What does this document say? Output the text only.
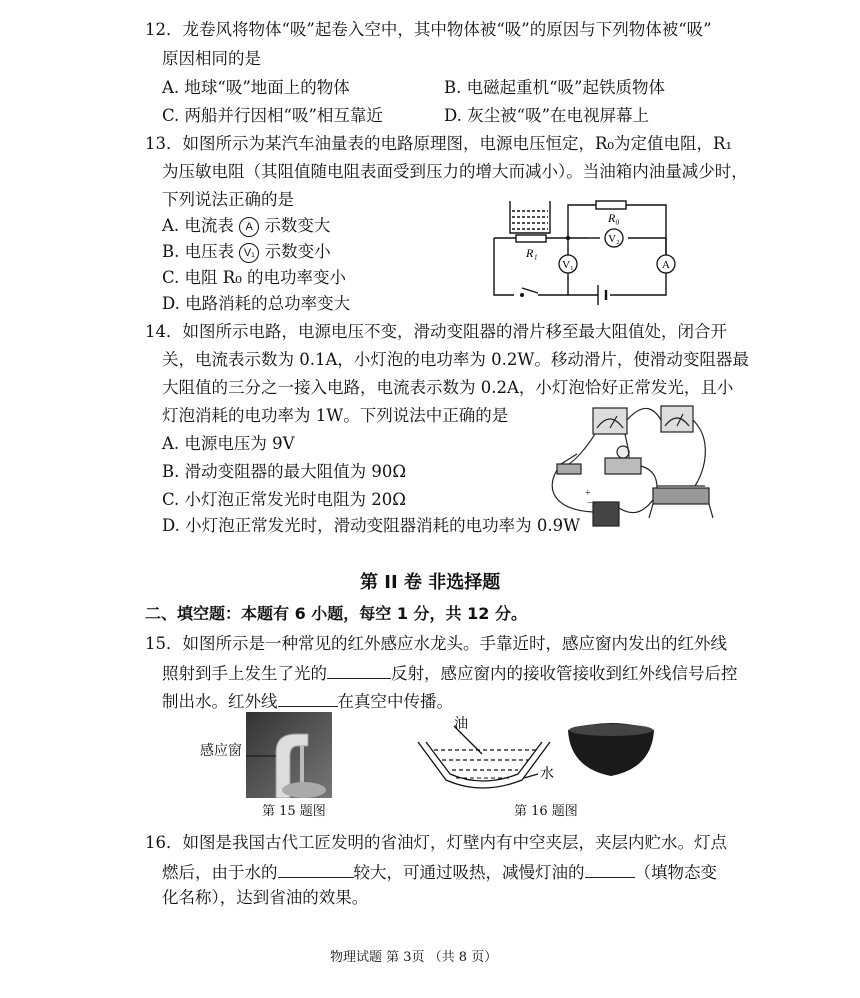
12．龙卷风将物体“吸”起卷入空中，其中物体被“吸”的原因与下列物体被“吸”
原因相同的是
A. 地球“吸”地面上的物体	B. 电磁起重机“吸”起铁质物体
C. 两船并行因相“吸”相互靠近	D. 灰尘被“吸”在电视屏幕上
13．如图所示为某汽车油量表的电路原理图，电源电压恒定，R₀为定值电阻，R₁
为压敏电阻（其阻值随电阻表面受到压力的增大而减小）。当油箱内油量减少时，
下列说法正确的是
A. 电流表 A 示数变大
B. 电压表 V₁ 示数变小
C. 电阻 R₀ 的电功率变小
D. 电路消耗的总功率变大
V₂
V₁	A
R₀
R₁
14．如图所示电路，电源电压不变，滑动变阻器的滑片移至最大阻值处，闭合开
关，电流表示数为 0.1A，小灯泡的电功率为 0.2W。移动滑片，使滑动变阻器最
大阻值的三分之一接入电路，电流表示数为 0.2A，小灯泡恰好正常发光，且小
灯泡消耗的电功率为 1W。下列说法中正确的是
A. 电源电压为 9V
B. 滑动变阻器的最大阻值为 90Ω
C. 小灯泡正常发光时电阻为 20Ω
D. 小灯泡正常发光时，滑动变阻器消耗的电功率为 0.9W
−
+
第 II 卷 非选择题
二、填空题：本题有 6 小题，每空 1 分，共 12 分。
15．如图所示是一种常见的红外感应水龙头。手靠近时，感应窗内发出的红外线
照射到手上发生了光的	反射，感应窗内的接收管接收到红外线信号后控
制出水。红外线	在真空中传播。
感应窗
第 15 题图
油
水
第 16 题图
16．如图是我国古代工匠发明的省油灯，灯壁内有中空夹层，夹层内贮水。灯点
燃后，由于水的	较大，可通过吸热，减慢灯油的	（填物态变
化名称），达到省油的效果。
物理试题 第 3页 （共 8 页）
